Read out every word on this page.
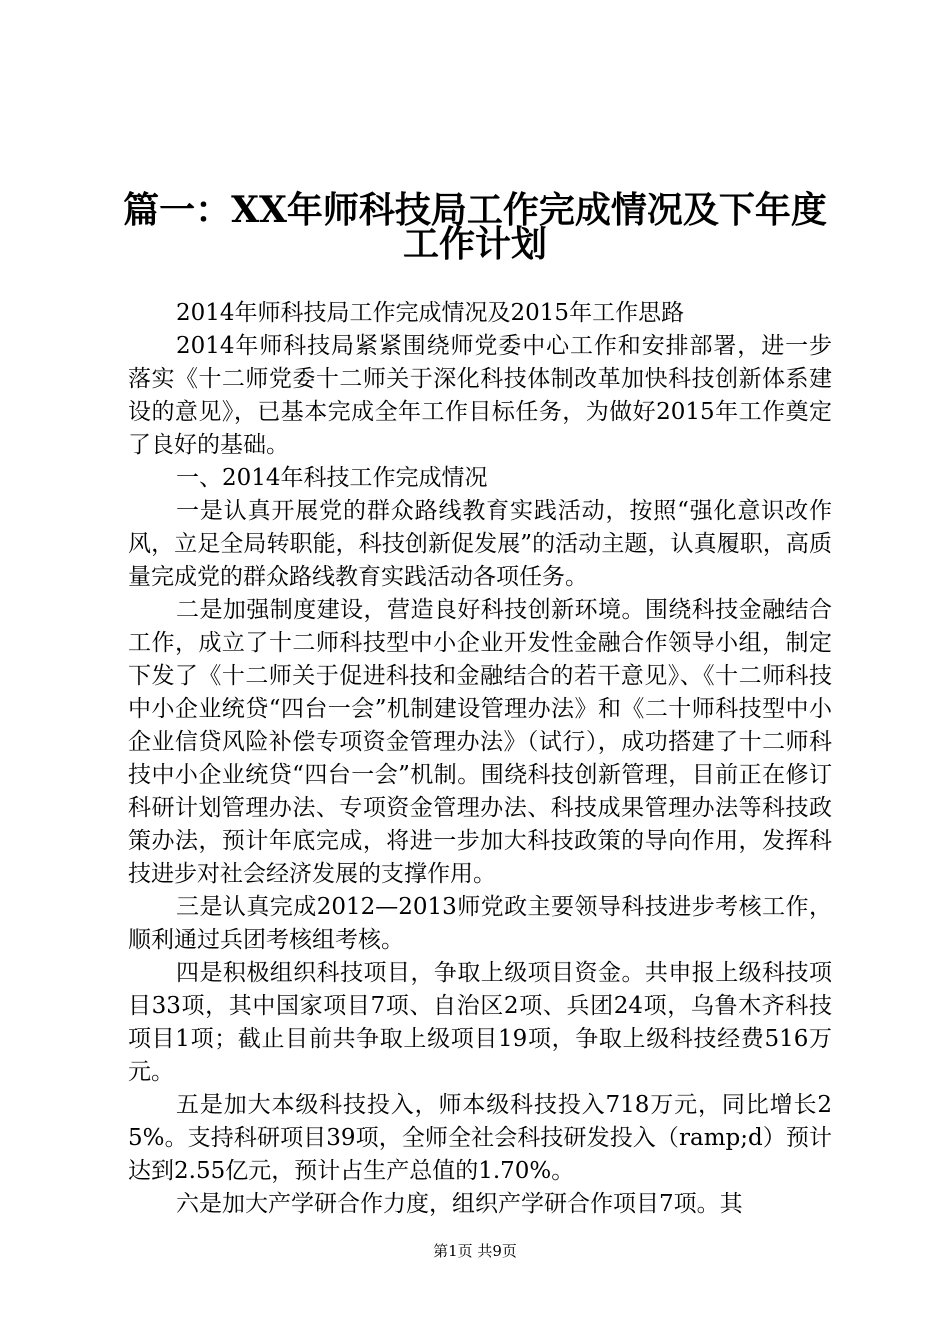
篇一：XX年师科技局工作完成情况及下年度
工作计划

2014年师科技局工作完成情况及2015年工作思路

2014年师科技局紧紧围绕师党委中心工作和安排部署，进一步落实《十二师党委十二师关于深化科技体制改革加快科技创新体系建设的意见》，已基本完成全年工作目标任务，为做好2015年工作奠定了良好的基础。

一、2014年科技工作完成情况

一是认真开展党的群众路线教育实践活动，按照“强化意识改作风，立足全局转职能，科技创新促发展”的活动主题，认真履职，高质量完成党的群众路线教育实践活动各项任务。

二是加强制度建设，营造良好科技创新环境。围绕科技金融结合工作，成立了十二师科技型中小企业开发性金融合作领导小组，制定下发了《十二师关于促进科技和金融结合的若干意见》、《十二师科技中小企业统贷“四台一会”机制建设管理办法》和《二十师科技型中小企业信贷风险补偿专项资金管理办法》（试行），成功搭建了十二师科技中小企业统贷“四台一会”机制。围绕科技创新管理，目前正在修订科研计划管理办法、专项资金管理办法、科技成果管理办法等科技政策办法，预计年底完成，将进一步加大科技政策的导向作用，发挥科技进步对社会经济发展的支撑作用。

三是认真完成2012—2013师党政主要领导科技进步考核工作，顺利通过兵团考核组考核。

四是积极组织科技项目，争取上级项目资金。共申报上级科技项目33项，其中国家项目7项、自治区2项、兵团24项，乌鲁木齐科技项目1项；截止目前共争取上级项目19项，争取上级科技经费516万元。

五是加大本级科技投入，师本级科技投入718万元，同比增长25%。支持科研项目39项，全师全社会科技研发投入（ramp;d）预计达到2.55亿元，预计占生产总值的1.70%。

六是加大产学研合作力度，组织产学研合作项目7项。其

第1页 共9页
